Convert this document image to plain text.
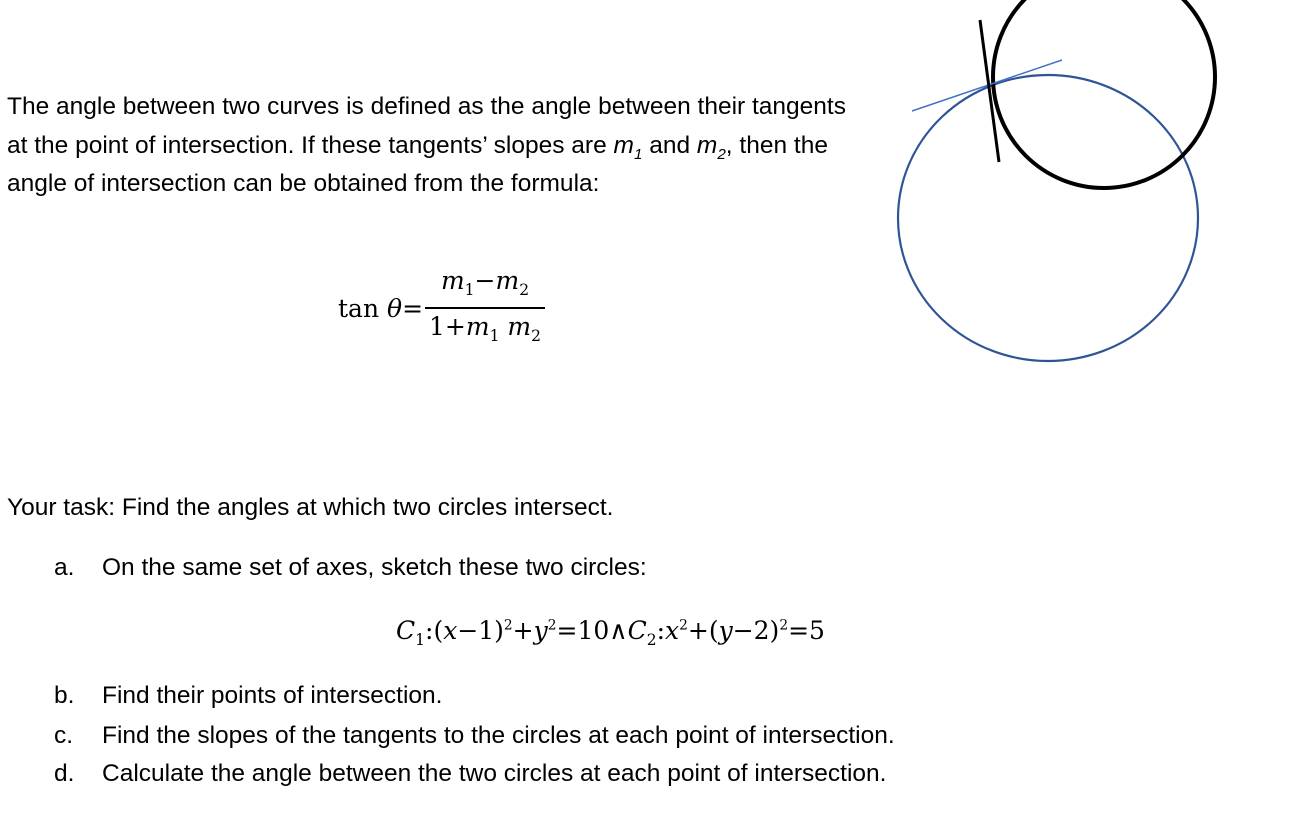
The angle between two curves is defined as the angle between their tangents at the point of intersection. If these tangents’ slopes are $m_1$ and $m_2$, then the angle of intersection can be obtained from the formula:

$\tan \theta= \frac{m_1-m_2}{1+m_1 m_2}$

Your task: Find the angles at which two circles intersect.

a. On the same set of axes, sketch these two circles:
$C_1:(x-1)^2+y^2=10\wedge C_2:x^2+(y-2)^2=5$
b. Find their points of intersection.
c. Find the slopes of the tangents to the circles at each point of intersection.
d. Calculate the angle between the two circles at each point of intersection.
